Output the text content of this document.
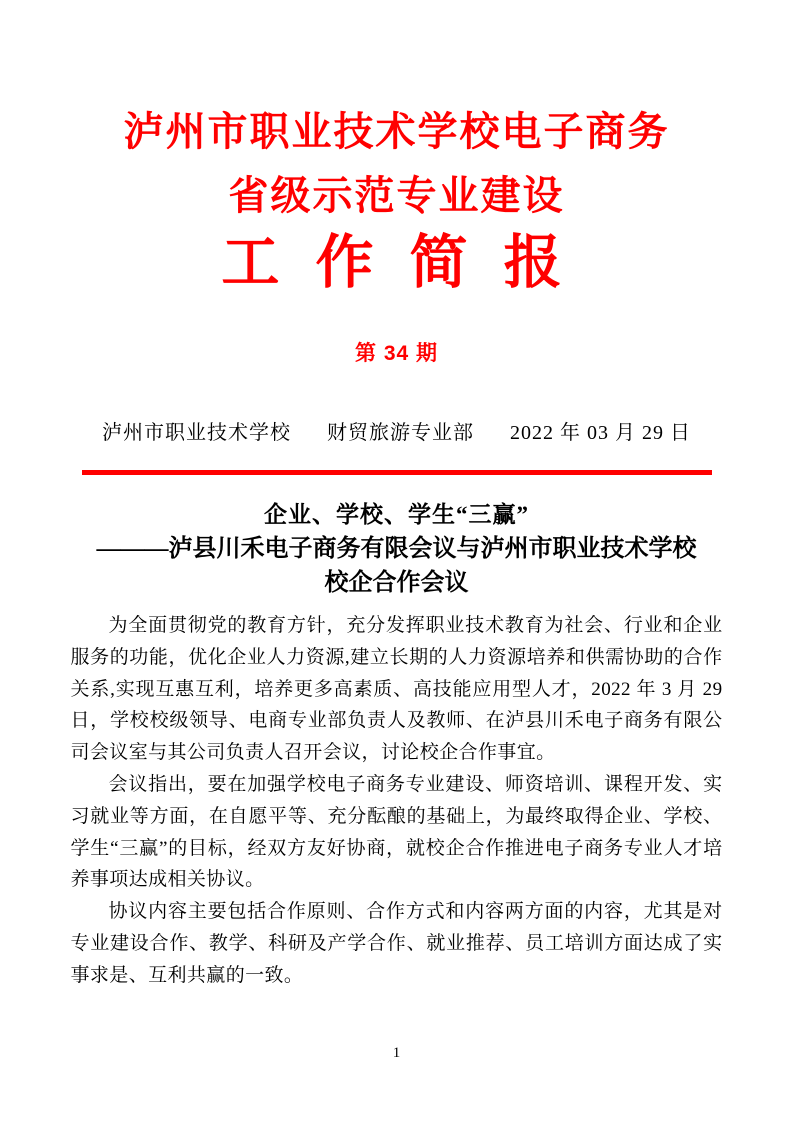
泸州市职业技术学校电子商务
省级示范专业建设
工 作 简 报
第 34 期
泸州市职业技术学校 财贸旅游专业部 2022 年 03 月 29 日
企业、学校、学生“三赢”
———泸县川禾电子商务有限会议与泸州市职业技术学校
校企合作会议

为全面贯彻党的教育方针，充分发挥职业技术教育为社会、行业和企业服务的功能，优化企业人力资源,建立长期的人力资源培养和供需协助的合作关系,实现互惠互利，培养更多高素质、高技能应用型人才，2022 年 3 月 29 日，学校校级领导、电商专业部负责人及教师、在泸县川禾电子商务有限公司会议室与其公司负责人召开会议，讨论校企合作事宜。

会议指出，要在加强学校电子商务专业建设、师资培训、课程开发、实习就业等方面，在自愿平等、充分酝酿的基础上，为最终取得企业、学校、学生“三赢”的目标，经双方友好协商，就校企合作推进电子商务专业人才培养事项达成相关协议。

协议内容主要包括合作原则、合作方式和内容两方面的内容，尤其是对专业建设合作、教学、科研及产学合作、就业推荐、员工培训方面达成了实事求是、互利共赢的一致。

1
